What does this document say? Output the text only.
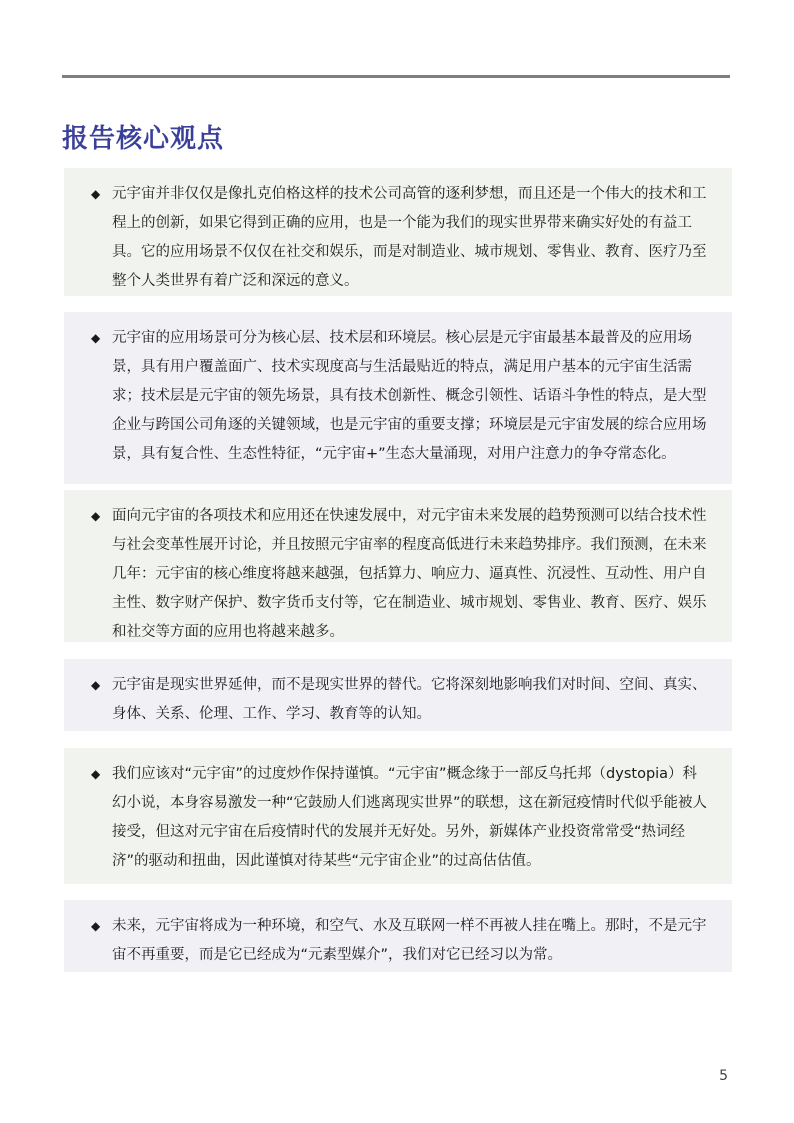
报告核心观点
◆ 元宇宙并非仅仅是像扎克伯格这样的技术公司高管的逐利梦想，而且还是一个伟大的技术和工程上的创新，如果它得到正确的应用，也是一个能为我们的现实世界带来确实好处的有益工具。它的应用场景不仅仅在社交和娱乐，而是对制造业、城市规划、零售业、教育、医疗乃至整个人类世界有着广泛和深远的意义。
◆ 元宇宙的应用场景可分为核心层、技术层和环境层。核心层是元宇宙最基本最普及的应用场景，具有用户覆盖面广、技术实现度高与生活最贴近的特点，满足用户基本的元宇宙生活需求；技术层是元宇宙的领先场景，具有技术创新性、概念引领性、话语斗争性的特点，是大型企业与跨国公司角逐的关键领域，也是元宇宙的重要支撑；环境层是元宇宙发展的综合应用场景，具有复合性、生态性特征，“元宇宙+”生态大量涌现，对用户注意力的争夺常态化。
◆ 面向元宇宙的各项技术和应用还在快速发展中，对元宇宙未来发展的趋势预测可以结合技术性与社会变革性展开讨论，并且按照元宇宙率的程度高低进行未来趋势排序。我们预测，在未来几年：元宇宙的核心维度将越来越强，包括算力、响应力、逼真性、沉浸性、互动性、用户自主性、数字财产保护、数字货币支付等，它在制造业、城市规划、零售业、教育、医疗、娱乐和社交等方面的应用也将越来越多。
◆ 元宇宙是现实世界延伸，而不是现实世界的替代。它将深刻地影响我们对时间、空间、真实、身体、关系、伦理、工作、学习、教育等的认知。
◆ 我们应该对“元宇宙”的过度炒作保持谨慎。“元宇宙”概念缘于一部反乌托邦（dystopia）科幻小说，本身容易激发一种“它鼓励人们逃离现实世界”的联想，这在新冠疫情时代似乎能被人接受，但这对元宇宙在后疫情时代的发展并无好处。另外，新媒体产业投资常常受“热词经济”的驱动和扭曲，因此谨慎对待某些“元宇宙企业”的过高估估值。
◆ 未来，元宇宙将成为一种环境，和空气、水及互联网一样不再被人挂在嘴上。那时，不是元宇宙不再重要，而是它已经成为“元素型媒介”，我们对它已经习以为常。
5
